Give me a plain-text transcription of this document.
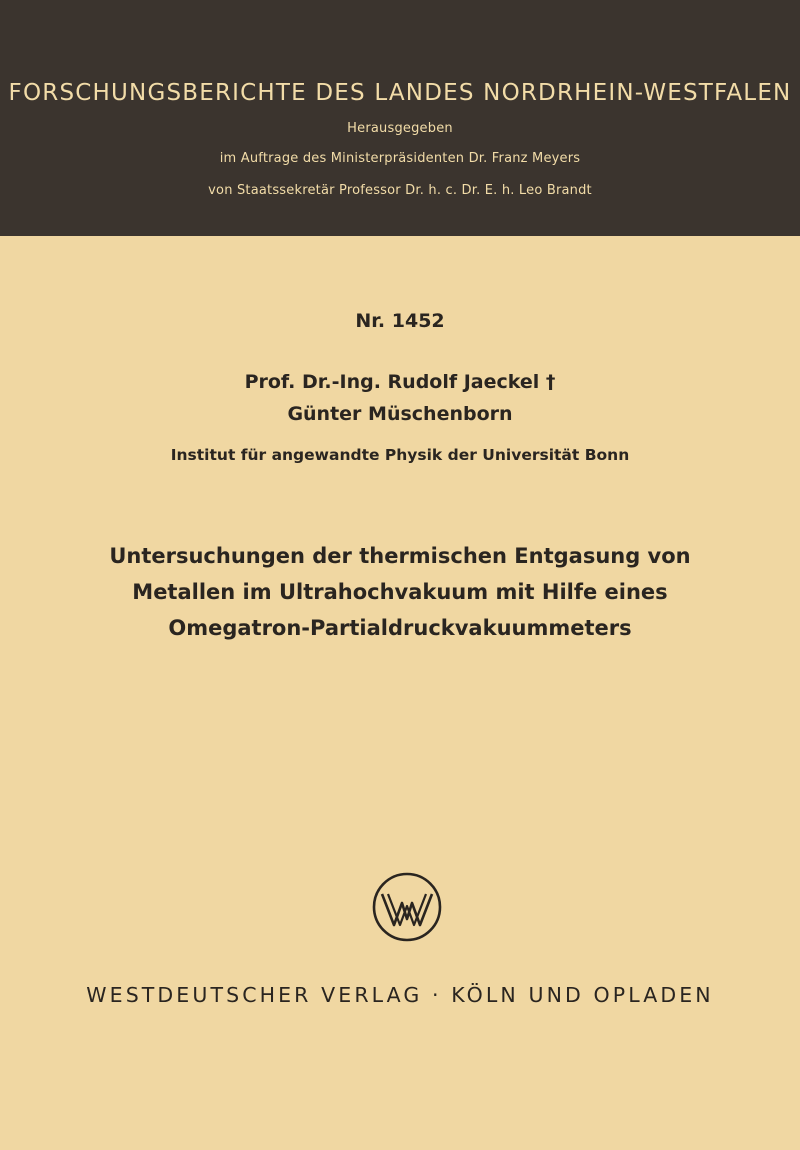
FORSCHUNGSBERICHTE DES LANDES NORDRHEIN-WESTFALEN
Herausgegeben
im Auftrage des Ministerpräsidenten Dr. Franz Meyers
von Staatssekretär Professor Dr. h. c. Dr. E. h. Leo Brandt
Nr. 1452
Prof. Dr.-Ing. Rudolf Jaeckel †
Günter Müschenborn
Institut für angewandte Physik der Universität Bonn
Untersuchungen der thermischen Entgasung von
Metallen im Ultrahochvakuum mit Hilfe eines
Omegatron-Partialdruckvakuummeters
WESTDEUTSCHER VERLAG · KÖLN UND OPLADEN
